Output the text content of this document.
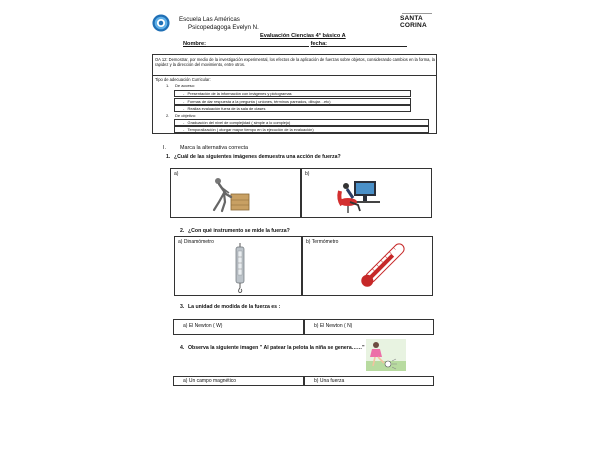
Escuela Las Américas
Psicopedagoga Evelyn N.
SANTA
CORINA
Evaluación Ciencias 4° básico A
Nombre:	fecha:
OA 12: Demostrar, por medio de la investigación experimental, los efectos de la aplicación de fuerzas sobre objetos, considerando cambios en la forma, la rapidez y la dirección del movimiento, entre otros.
Tipo de adecuación Curricular:
1. De acceso:
- Presentación de la información con imágenes y pictogramas
- Formas de dar respuesta a la pregunta ( uniones, términos pareados, dibujar…etc)
- Realiza evaluación fuera de la sala de clases
2. De objetivo:
- Graduación del nivel de complejidad ( simple a lo complejo)
- Temporalización ( otorgar mayor tiempo en la ejecución de la evaluación)
I.	Marca la alternativa correcta
1. ¿Cuál de las siguientes imágenes demuestra una acción de fuerza?
a)	b)
2. ¿Con qué instrumento se mide la fuerza?
a) Dinamómetro	b) Termómetro
3. La unidad de modida de la fuerza es :
a) El Newton ( W)	b) El Newton ( N)
4. Observa la siguiente imagen " Al patear la pelota la niña se genera……"
a) Un campo magnético	b) Una fuerza
